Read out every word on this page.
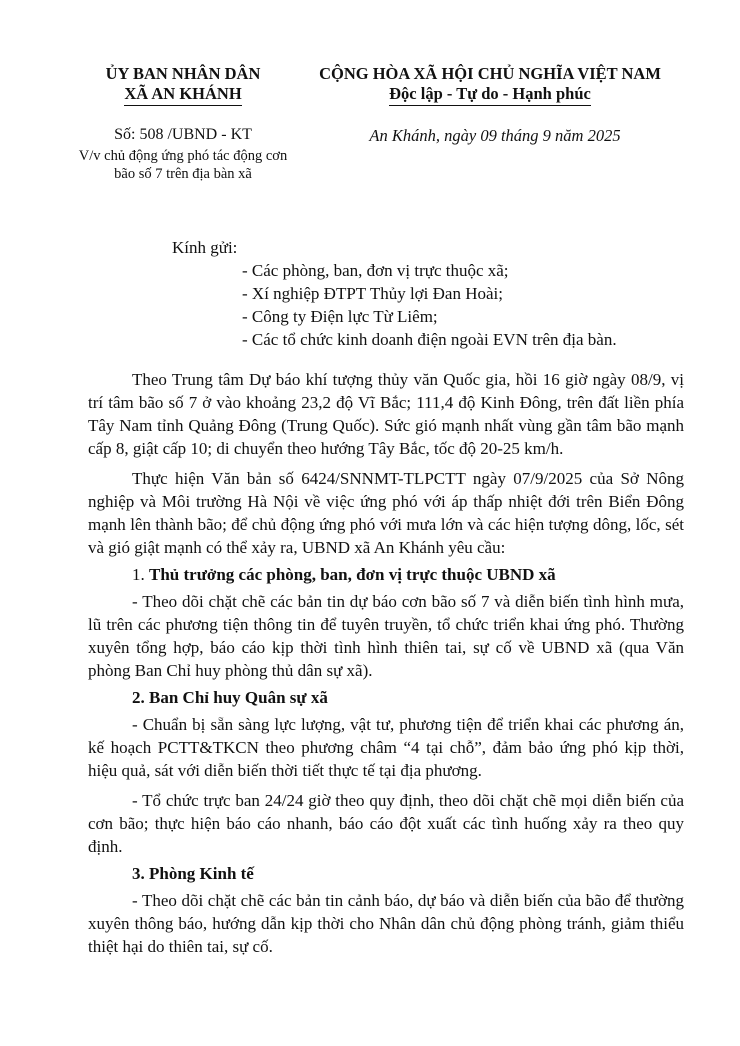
ỦY BAN NHÂN DÂN
XÃ AN KHÁNH
CỘNG HÒA XÃ HỘI CHỦ NGHĨA VIỆT NAM
Độc lập - Tự do - Hạnh phúc
Số: 508 /UBND - KT
V/v chủ động ứng phó tác động cơn bão số 7 trên địa bàn xã
An Khánh, ngày 09 tháng 9 năm 2025
Kính gửi:
- Các phòng, ban, đơn vị trực thuộc xã;
- Xí nghiệp ĐTPT Thủy lợi Đan Hoài;
- Công ty Điện lực Từ Liêm;
- Các tổ chức kinh doanh điện ngoài EVN trên địa bàn.

Theo Trung tâm Dự báo khí tượng thủy văn Quốc gia, hồi 16 giờ ngày 08/9, vị trí tâm bão số 7 ở vào khoảng 23,2 độ Vĩ Bắc; 111,4 độ Kinh Đông, trên đất liền phía Tây Nam tỉnh Quảng Đông (Trung Quốc). Sức gió mạnh nhất vùng gần tâm bão mạnh cấp 8, giật cấp 10; di chuyển theo hướng Tây Bắc, tốc độ 20-25 km/h.

Thực hiện Văn bản số 6424/SNNMT-TLPCTT ngày 07/9/2025 của Sở Nông nghiệp và Môi trường Hà Nội về việc ứng phó với áp thấp nhiệt đới trên Biển Đông mạnh lên thành bão; để chủ động ứng phó với mưa lớn và các hiện tượng dông, lốc, sét và gió giật mạnh có thể xảy ra, UBND xã An Khánh yêu cầu:

1. Thủ trưởng các phòng, ban, đơn vị trực thuộc UBND xã

- Theo dõi chặt chẽ các bản tin dự báo cơn bão số 7 và diễn biến tình hình mưa, lũ trên các phương tiện thông tin để tuyên truyền, tổ chức triển khai ứng phó. Thường xuyên tổng hợp, báo cáo kịp thời tình hình thiên tai, sự cố về UBND xã (qua Văn phòng Ban Chỉ huy phòng thủ dân sự xã).

2. Ban Chỉ huy Quân sự xã

- Chuẩn bị sẵn sàng lực lượng, vật tư, phương tiện để triển khai các phương án, kế hoạch PCTT&TKCN theo phương châm “4 tại chỗ”, đảm bảo ứng phó kịp thời, hiệu quả, sát với diễn biến thời tiết thực tế tại địa phương.

- Tổ chức trực ban 24/24 giờ theo quy định, theo dõi chặt chẽ mọi diễn biến của cơn bão; thực hiện báo cáo nhanh, báo cáo đột xuất các tình huống xảy ra theo quy định.

3. Phòng Kinh tế

- Theo dõi chặt chẽ các bản tin cảnh báo, dự báo và diễn biến của bão để thường xuyên thông báo, hướng dẫn kịp thời cho Nhân dân chủ động phòng tránh, giảm thiểu thiệt hại do thiên tai, sự cố.
